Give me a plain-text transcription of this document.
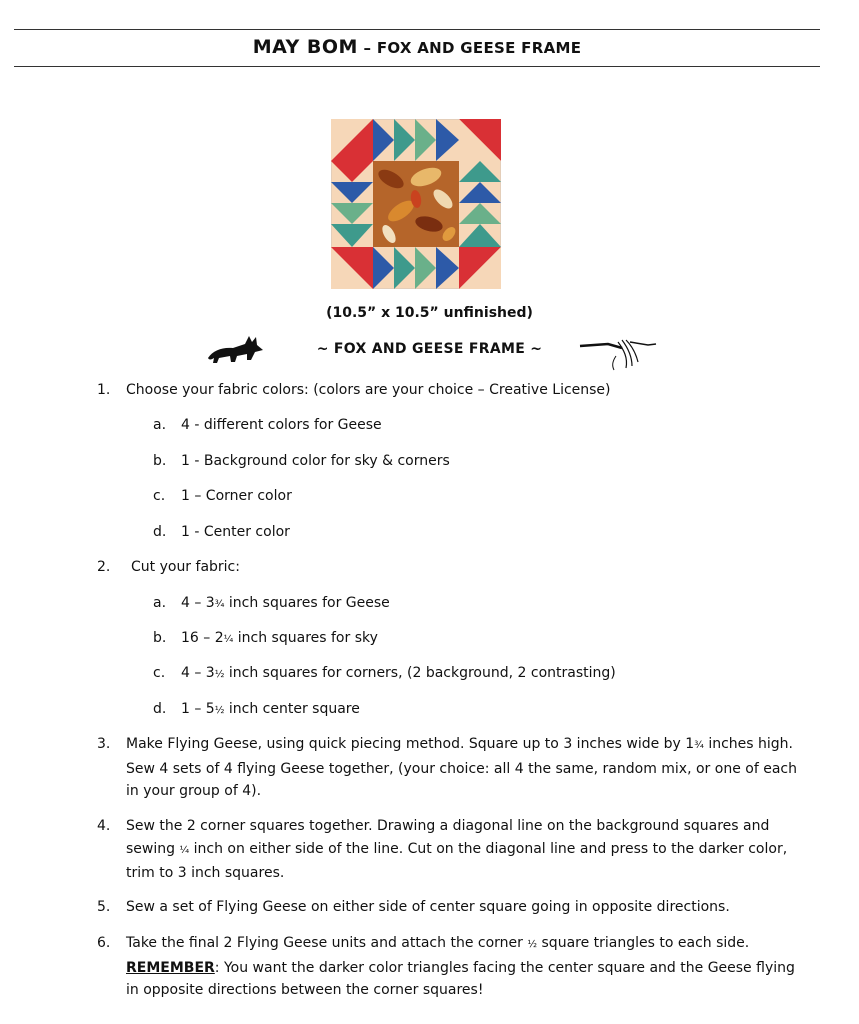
MAY BOM – FOX AND GEESE FRAME
(10.5” x 10.5” unfinished)
~ FOX AND GEESE FRAME ~
1. Choose your fabric colors: (colors are your choice – Creative License)
a. 4 - different colors for Geese
b. 1 - Background color for sky & corners
c. 1 – Corner color
d. 1 - Center color
2. Cut your fabric:
a. 4 – 3¾ inch squares for Geese
b. 16 – 2¼ inch squares for sky
c. 4 – 3½ inch squares for corners, (2 background, 2 contrasting)
d. 1 – 5½ inch center square
3. Make Flying Geese, using quick piecing method. Square up to 3 inches wide by 1¾ inches high.
Sew 4 sets of 4 flying Geese together, (your choice: all 4 the same, random mix, or one of each
in your group of 4).
4. Sew the 2 corner squares together. Drawing a diagonal line on the background squares and
sewing ¼ inch on either side of the line. Cut on the diagonal line and press to the darker color,
trim to 3 inch squares.
5. Sew a set of Flying Geese on either side of center square going in opposite directions.
6. Take the final 2 Flying Geese units and attach the corner ½ square triangles to each side.
REMEMBER: You want the darker color triangles facing the center square and the Geese flying
in opposite directions between the corner squares!
